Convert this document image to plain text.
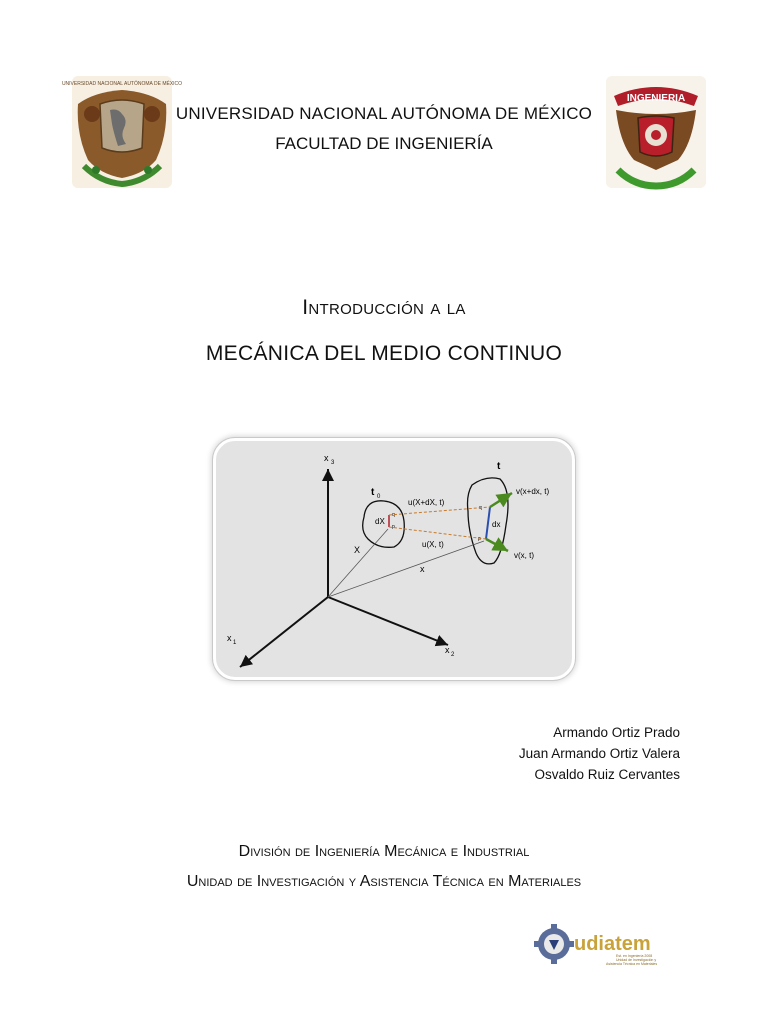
UNIVERSIDAD NACIONAL AUTÓNOMA DE MÉXICO
INGENIERIA
UNIVERSIDAD NACIONAL AUTÓNOMA DE MÉXICO
FACULTAD DE INGENIERÍA
Introducción a la
MECÁNICA DEL MEDIO CONTINUO
x 3
x 1
x 2
t 0
dX
q
p
t
dx
p
u(X+dX, t)
u(X, t)
X
x
v(x+dx, t)
v(x, t)
Armando Ortiz Prado
Juan Armando Ortiz Valera
Osvaldo Ruiz Cervantes
División de Ingeniería Mecánica e Industrial
Unidad de Investigación y Asistencia Técnica en Materiales
udiatem
Est. en Ingeniería 2008
Unidad de Investigación y
Asistencia Técnica en Materiales
